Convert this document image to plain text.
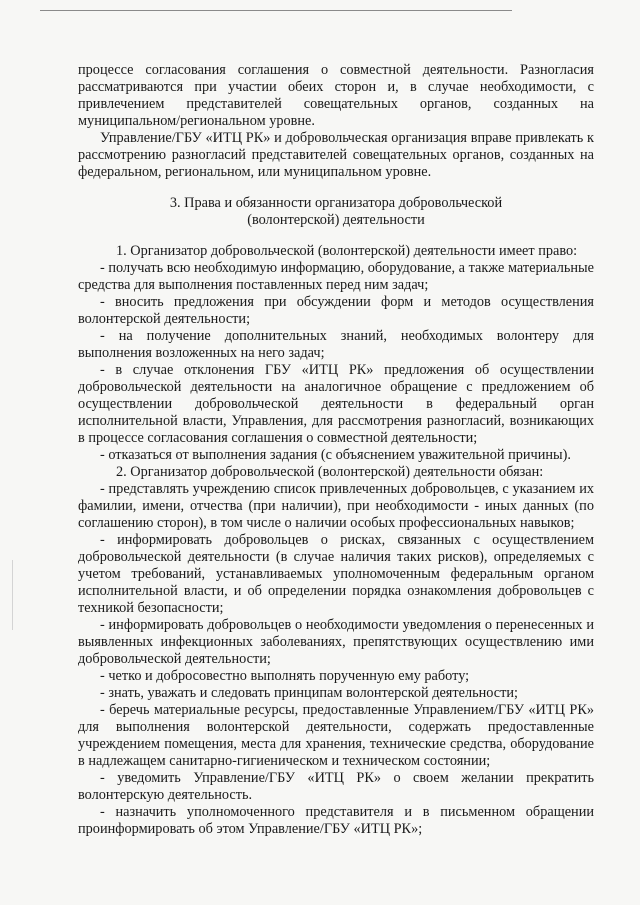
процессе согласования соглашения о совместной деятельности. Разногласия рассматриваются при участии обеих сторон и, в случае необходимости, с привлечением представителей совещательных органов, созданных на муниципальном/региональном уровне.

Управление/ГБУ «ИТЦ РК» и добровольческая организация вправе привлекать к рассмотрению разногласий представителей совещательных органов, созданных на федеральном, региональном, или муниципальном уровне.

3. Права и обязанности организатора добровольческой

(волонтерской) деятельности

1. Организатор добровольческой (волонтерской) деятельности имеет право:

- получать всю необходимую информацию, оборудование, а также материальные средства для выполнения поставленных перед ним задач;

- вносить предложения при обсуждении форм и методов осуществления волонтерской деятельности;

- на получение дополнительных знаний, необходимых волонтеру для выполнения возложенных на него задач;

- в случае отклонения ГБУ «ИТЦ РК» предложения об осуществлении добровольческой деятельности на аналогичное обращение с предложением об осуществлении добровольческой деятельности в федеральный орган исполнительной власти, Управления, для рассмотрения разногласий, возникающих в процессе согласования соглашения о совместной деятельности;

- отказаться от выполнения задания (с объяснением уважительной причины).

2. Организатор добровольческой (волонтерской) деятельности обязан:

- представлять учреждению список привлеченных добровольцев, с указанием их фамилии, имени, отчества (при наличии), при необходимости - иных данных (по соглашению сторон), в том числе о наличии особых профессиональных навыков;

- информировать добровольцев о рисках, связанных с осуществлением добровольческой деятельности (в случае наличия таких рисков), определяемых с учетом требований, устанавливаемых уполномоченным федеральным органом исполнительной власти, и об определении порядка ознакомления добровольцев с техникой безопасности;

- информировать добровольцев о необходимости уведомления о перенесенных и выявленных инфекционных заболеваниях, препятствующих осуществлению ими добровольческой деятельности;

- четко и добросовестно выполнять порученную ему работу;

- знать, уважать и следовать принципам волонтерской деятельности;

- беречь материальные ресурсы, предоставленные Управлением/ГБУ «ИТЦ РК» для выполнения волонтерской деятельности, содержать предоставленные учреждением помещения, места для хранения, технические средства, оборудование в надлежащем санитарно-гигиеническом и техническом состоянии;

- уведомить Управление/ГБУ «ИТЦ РК» о своем желании прекратить волонтерскую деятельность.

- назначить уполномоченного представителя и в письменном обращении проинформировать об этом Управление/ГБУ «ИТЦ РК»;
